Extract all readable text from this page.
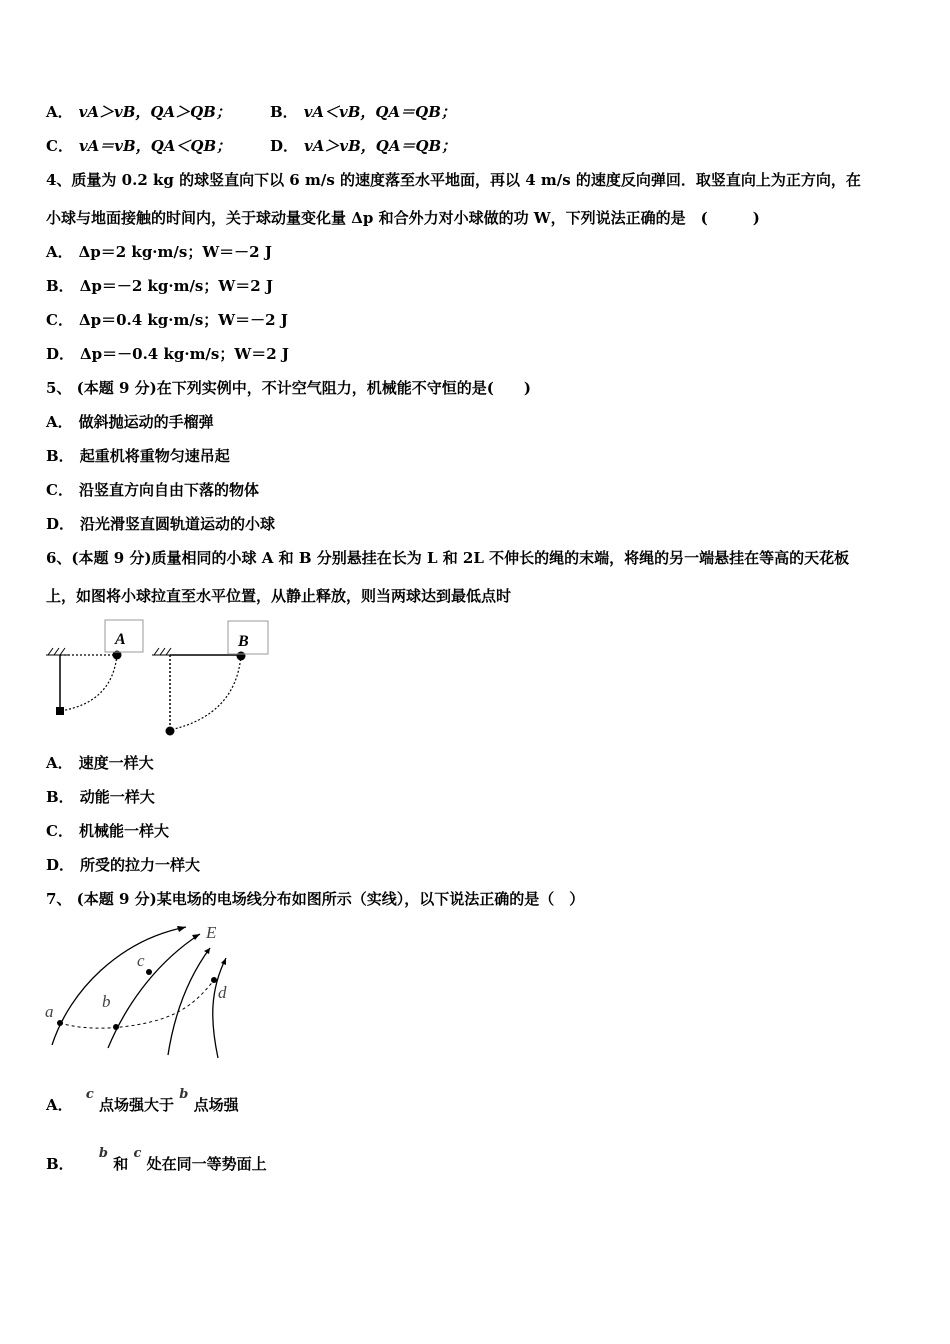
A． vA＞vB，QA＞QB；	B． vA＜vB，QA＝QB；
C． vA＝vB，QA＜QB；	D． vA＞vB，QA＝QB；
4、质量为 0.2 kg 的球竖直向下以 6 m/s 的速度落至水平地面，再以 4 m/s 的速度反向弹回．取竖直向上为正方向，在
小球与地面接触的时间内，关于球动量变化量 Δp 和合外力对小球做的功 W，下列说法正确的是　(　　　)
A． Δp＝2 kg·m/s；W＝－2 J
B． Δp＝－2 kg·m/s；W＝2 J
C． Δp＝0.4 kg·m/s；W＝－2 J
D． Δp＝－0.4 kg·m/s；W＝2 J
5、 (本题 9 分)在下列实例中，不计空气阻力，机械能不守恒的是(　　)
A． 做斜抛运动的手榴弹
B． 起重机将重物匀速吊起
C． 沿竖直方向自由下落的物体
D． 沿光滑竖直圆轨道运动的小球
6、(本题 9 分)质量相同的小球 A 和 B 分别悬挂在长为 L 和 2L 不伸长的绳的末端，将绳的另一端悬挂在等高的天花板
上，如图将小球拉直至水平位置，从静止释放，则当两球达到最低点时
A	B
A． 速度一样大
B． 动能一样大
C． 机械能一样大
D． 所受的拉力一样大
7、 (本题 9 分)某电场的电场线分布如图所示（实线），以下说法正确的是（　）
E
a
b
c
d
A． c 点场强大于 b 点场强
B． b 和 c 处在同一等势面上
